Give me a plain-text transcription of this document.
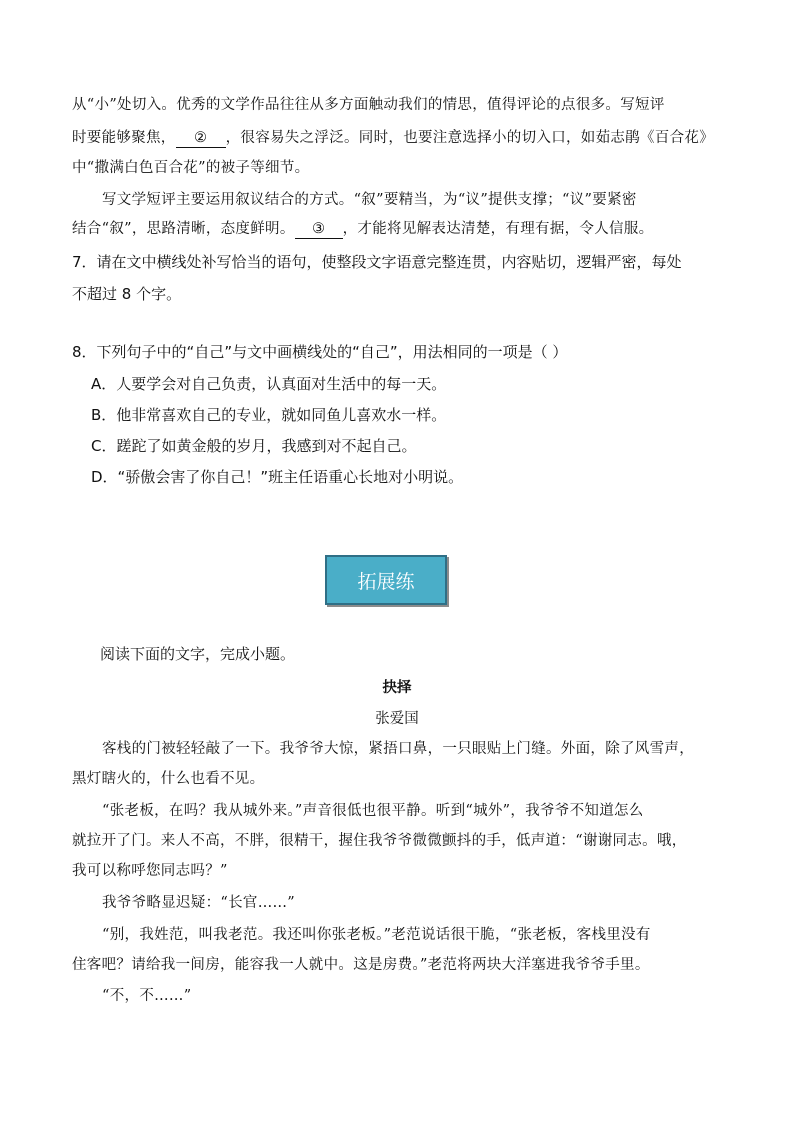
从“小”处切入。优秀的文学作品往往从多方面触动我们的情思，值得评论的点很多。写短评
时要能够聚焦， ② ，很容易失之浮泛。同时，也要注意选择小的切入口，如茹志鹃《百合花》
中“撒满白色百合花”的被子等细节。
写文学短评主要运用叙议结合的方式。“叙”要精当，为“议”提供支撑；“议”要紧密
结合“叙”，思路清晰，态度鲜明。 ③ ，才能将见解表达清楚，有理有据，令人信服。
7．请在文中横线处补写恰当的语句，使整段文字语意完整连贯，内容贴切，逻辑严密，每处
不超过 8 个字。
8．下列句子中的“自己”与文中画横线处的“自己”，用法相同的一项是（ ）
A．人要学会对自己负责，认真面对生活中的每一天。
B．他非常喜欢自己的专业，就如同鱼儿喜欢水一样。
C．蹉跎了如黄金般的岁月，我感到对不起自己。
D．“骄傲会害了你自己！”班主任语重心长地对小明说。
拓展练
阅读下面的文字，完成小题。
抉择
张爱国
客栈的门被轻轻敲了一下。我爷爷大惊，紧捂口鼻，一只眼贴上门缝。外面，除了风雪声，
黑灯瞎火的，什么也看不见。
“张老板，在吗？我从城外来。”声音很低也很平静。听到“城外”，我爷爷不知道怎么
就拉开了门。来人不高，不胖，很精干，握住我爷爷微微颤抖的手，低声道：“谢谢同志。哦，
我可以称呼您同志吗？”
我爷爷略显迟疑：“长官……”
“别，我姓范，叫我老范。我还叫你张老板。”老范说话很干脆，“张老板，客栈里没有
住客吧？请给我一间房，能容我一人就中。这是房费。”老范将两块大洋塞进我爷爷手里。
“不，不……”
